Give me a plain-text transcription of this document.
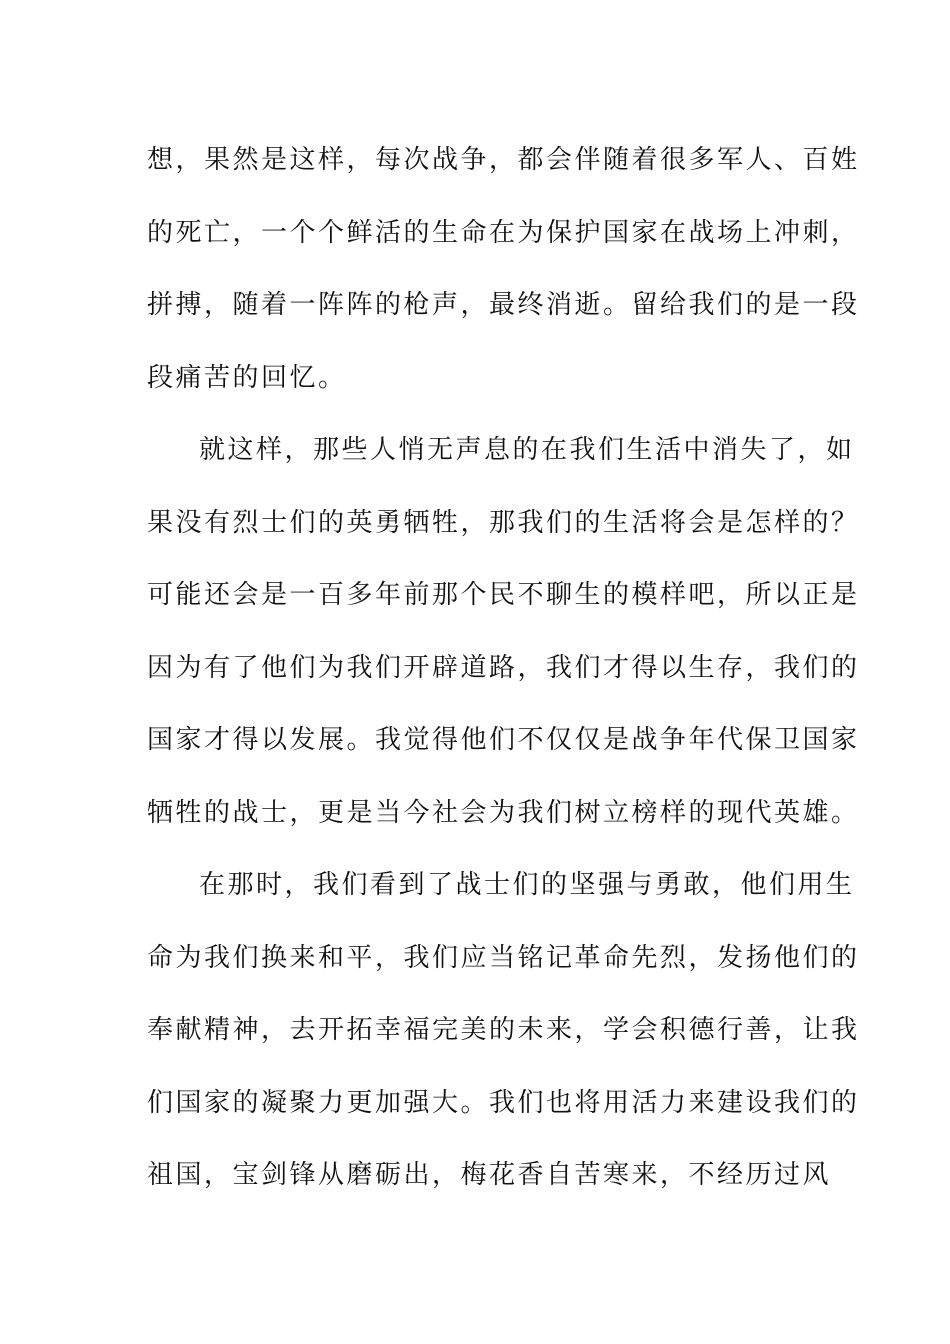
想，果然是这样，每次战争，都会伴随着很多军人、百姓
的死亡，一个个鲜活的生命在为保护国家在战场上冲刺，
拼搏，随着一阵阵的枪声，最终消逝。留给我们的是一段
段痛苦的回忆。
就这样，那些人悄无声息的在我们生活中消失了，如
果没有烈士们的英勇牺牲，那我们的生活将会是怎样的？
可能还会是一百多年前那个民不聊生的模样吧，所以正是
因为有了他们为我们开辟道路，我们才得以生存，我们的
国家才得以发展。我觉得他们不仅仅是战争年代保卫国家
牺牲的战士，更是当今社会为我们树立榜样的现代英雄。
在那时，我们看到了战士们的坚强与勇敢，他们用生
命为我们换来和平，我们应当铭记革命先烈，发扬他们的
奉献精神，去开拓幸福完美的未来，学会积德行善，让我
们国家的凝聚力更加强大。我们也将用活力来建设我们的
祖国，宝剑锋从磨砺出，梅花香自苦寒来，不经历过风
